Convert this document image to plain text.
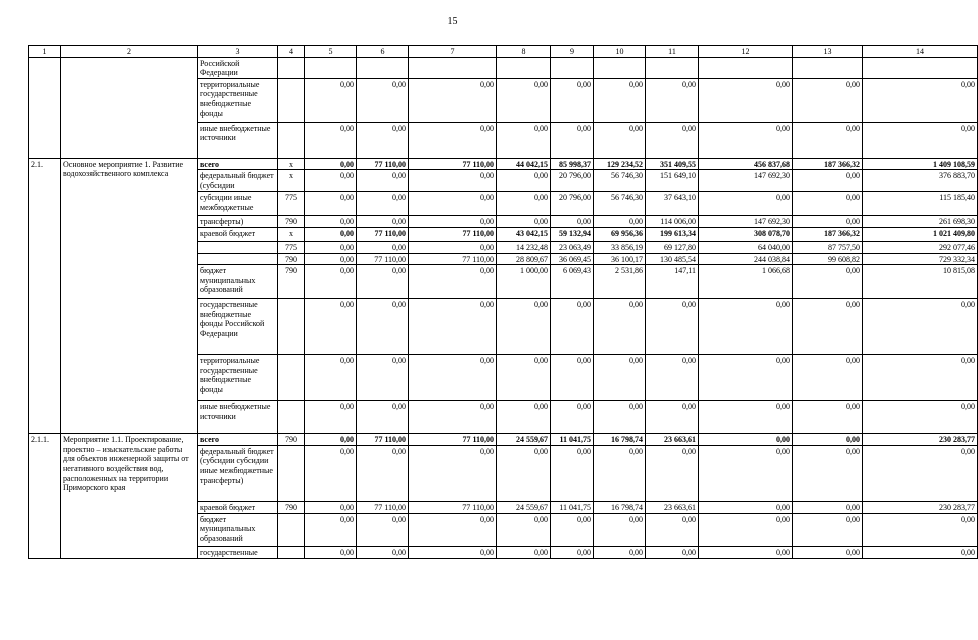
15
1	2	3	4	5	6	7	8	9	10	11	12	13	14
		Российской Федерации											
		территориальные государственные внебюджетные фонды		0,00	0,00	0,00	0,00	0,00	0,00	0,00	0,00	0,00	0,00
		иные внебюджетные источники		0,00	0,00	0,00	0,00	0,00	0,00	0,00	0,00	0,00	0,00
2.1.	Основное мероприятие 1. Развитие водохозяйственного комплекса	всего	х	0,00	77 110,00	77 110,00	44 042,15	85 998,37	129 234,52	351 409,55	456 837,68	187 366,32	1 409 108,59
		федеральный бюджет (субсидии	х	0,00	0,00	0,00	0,00	20 796,00	56 746,30	151 649,10	147 692,30	0,00	376 883,70
		субсидии иные межбюджетные	775	0,00	0,00	0,00	0,00	20 796,00	56 746,30	37 643,10	0,00	0,00	115 185,40
		трансферты)	790	0,00	0,00	0,00	0,00	0,00	0,00	114 006,00	147 692,30	0,00	261 698,30
		краевой бюджет	х	0,00	77 110,00	77 110,00	43 042,15	59 132,94	69 956,36	199 613,34	308 078,70	187 366,32	1 021 409,80
			775	0,00	0,00	0,00	14 232,48	23 063,49	33 856,19	69 127,80	64 040,00	87 757,50	292 077,46
			790	0,00	77 110,00	77 110,00	28 809,67	36 069,45	36 100,17	130 485,54	244 038,84	99 608,82	729 332,34
		бюджет муниципальных образований	790	0,00	0,00	0,00	1 000,00	6 069,43	2 531,86	147,11	1 066,68	0,00	10 815,08
		государственные внебюджетные фонды Российской Федерации		0,00	0,00	0,00	0,00	0,00	0,00	0,00	0,00	0,00	0,00
		территориальные государственные внебюджетные фонды		0,00	0,00	0,00	0,00	0,00	0,00	0,00	0,00	0,00	0,00
		иные внебюджетные источники		0,00	0,00	0,00	0,00	0,00	0,00	0,00	0,00	0,00	0,00
2.1.1.	Мероприятие 1.1. Проектирование, проектно – изыскательские работы для объектов инженерной защиты от негативного воздействия вод, расположенных на территории Приморского края	всего	790	0,00	77 110,00	77 110,00	24 559,67	11 041,75	16 798,74	23 663,61	0,00	0,00	230 283,77
		федеральный бюджет (субсидии субсидии иные межбюджетные трансферты)		0,00	0,00	0,00	0,00	0,00	0,00	0,00	0,00	0,00	0,00
		краевой бюджет	790	0,00	77 110,00	77 110,00	24 559,67	11 041,75	16 798,74	23 663,61	0,00	0,00	230 283,77
		бюджет муниципальных образований		0,00	0,00	0,00	0,00	0,00	0,00	0,00	0,00	0,00	0,00
		государственные		0,00	0,00	0,00	0,00	0,00	0,00	0,00	0,00	0,00	0,00
